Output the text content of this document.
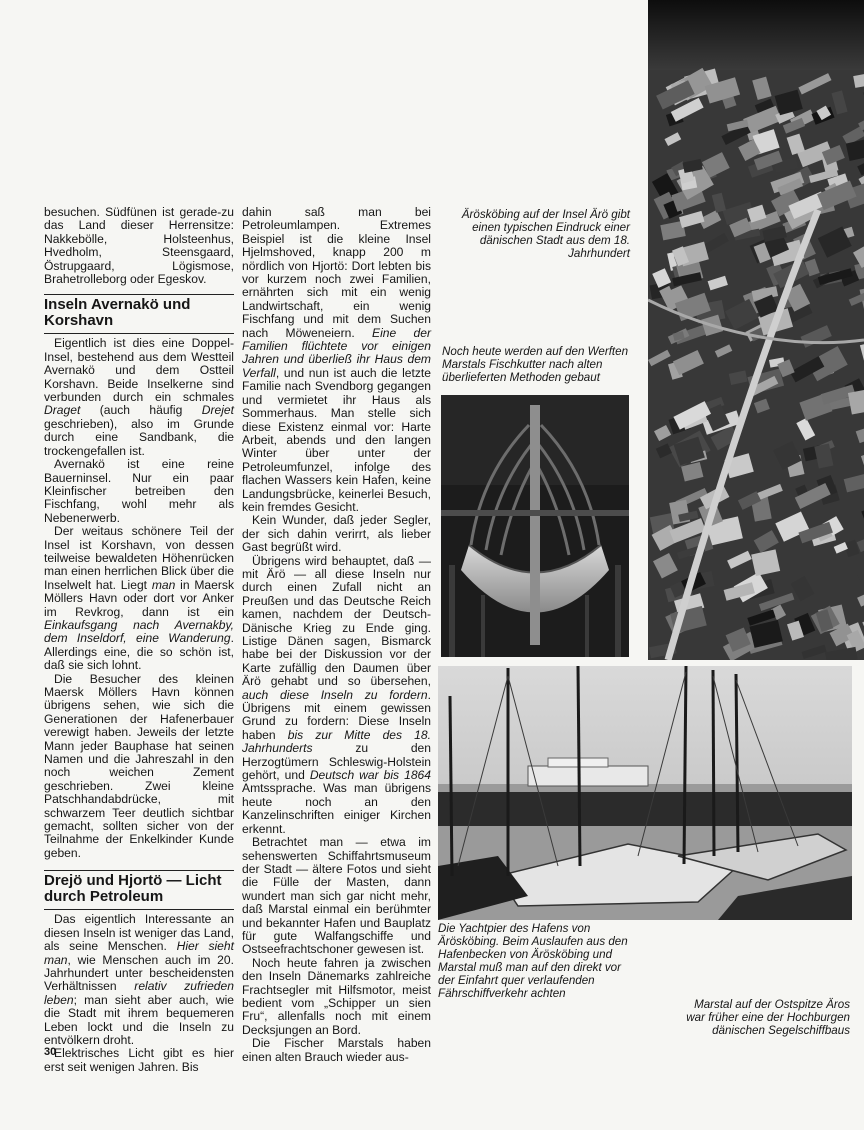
besuchen. Südfünen ist gerade-zu das Land dieser Herrensitze: Nakkebölle, Holsteenhus, Hvedholm, Steensgaard, Östrupgaard, Lögismose, Brahetrolleborg oder Egeskov.

Inseln Avernakö und Korshavn

Eigentlich ist dies eine Doppel-Insel, bestehend aus dem Westteil Avernakö und dem Ostteil Korshavn. Beide Inselkerne sind verbunden durch ein schmales Draget (auch häufig Drejet geschrieben), also im Grunde durch eine Sandbank, die trockengefallen ist.

Avernakö ist eine reine Bauerninsel. Nur ein paar Kleinfischer betreiben den Fischfang, wohl mehr als Nebenerwerb.

Der weitaus schönere Teil der Insel ist Korshavn, von dessen teilweise bewaldeten Höhenrücken man einen herrlichen Blick über die Inselwelt hat. Liegt man in Maersk Möllers Havn oder dort vor Anker im Revkrog, dann ist ein Einkaufsgang nach Avernakby, dem Inseldorf, eine Wanderung. Allerdings eine, die so schön ist, daß sie sich lohnt.

Die Besucher des kleinen Maersk Möllers Havn können übrigens sehen, wie sich die Generationen der Hafenerbauer verewigt haben. Jeweils der letzte Mann jeder Bauphase hat seinen Namen und die Jahreszahl in den noch weichen Zement geschrieben. Zwei kleine Patschhandabdrücke, mit schwarzem Teer deutlich sichtbar gemacht, sollten sicher von der Teilnahme der Enkelkinder Kunde geben.

Drejö und Hjortö — Licht durch Petroleum

Das eigentlich Interessante an diesen Inseln ist weniger das Land, als seine Menschen. Hier sieht man, wie Menschen auch im 20. Jahrhundert unter bescheidensten Verhältnissen relativ zufrieden leben; man sieht aber auch, wie die Stadt mit ihrem bequemeren Leben lockt und die Inseln zu entvölkern droht.

Elektrisches Licht gibt es hier erst seit wenigen Jahren. Bis

dahin saß man bei Petroleumlampen. Extremes Beispiel ist die kleine Insel Hjelmshoved, knapp 200 m nördlich von Hjortö: Dort lebten bis vor kurzem noch zwei Familien, ernährten sich mit ein wenig Landwirtschaft, ein wenig Fischfang und mit dem Suchen nach Möweneiern. Eine der Familien flüchtete vor einigen Jahren und überließ ihr Haus dem Verfall, und nun ist auch die letzte Familie nach Svendborg gegangen und vermietet ihr Haus als Sommerhaus. Man stelle sich diese Existenz einmal vor: Harte Arbeit, abends und den langen Winter über unter der Petroleumfunzel, infolge des flachen Wassers kein Hafen, keine Landungsbrücke, keinerlei Besuch, kein fremdes Gesicht.

Kein Wunder, daß jeder Segler, der sich dahin verirrt, als lieber Gast begrüßt wird.

Übrigens wird behauptet, daß — mit Ärö — all diese Inseln nur durch einen Zufall nicht an Preußen und das Deutsche Reich kamen, nachdem der Deutsch-Dänische Krieg zu Ende ging. Listige Dänen sagen, Bismarck habe bei der Diskussion vor der Karte zufällig den Daumen über Ärö gehabt und so übersehen, auch diese Inseln zu fordern. Übrigens mit einem gewissen Grund zu fordern: Diese Inseln haben bis zur Mitte des 18. Jahrhunderts zu den Herzogtümern Schleswig-Holstein gehört, und Deutsch war bis 1864 Amtssprache. Was man übrigens heute noch an den Kanzelinschriften einiger Kirchen erkennt.

Betrachtet man — etwa im sehenswerten Schiffahrtsmuseum der Stadt — ältere Fotos und sieht die Fülle der Masten, dann wundert man sich gar nicht mehr, daß Marstal einmal ein berühmter und bekannter Hafen und Bauplatz für gute Walfangschiffe und Ostseefrachtschoner gewesen ist.

Noch heute fahren ja zwischen den Inseln Dänemarks zahlreiche Frachtsegler mit Hilfsmotor, meist bedient vom „Schipper un sien Fru“, allenfalls noch mit einem Decksjungen an Bord.

Die Fischer Marstals haben einen alten Brauch wieder aus-

Ärösköbing auf der Insel Ärö gibt einen typischen Eindruck einer dänischen Stadt aus dem 18. Jahrhundert
Noch heute werden auf den Werften Marstals Fischkutter nach alten überlieferten Methoden gebaut
Die Yachtpier des Hafens von Ärösköbing. Beim Auslaufen aus den Hafenbecken von Ärösköbing und Marstal muß man auf den direkt vor der Einfahrt quer verlaufenden Fährschiffverkehr achten
Marstal auf der Ostspitze Äros war früher eine der Hochburgen dänischen Segelschiffbaus
30
